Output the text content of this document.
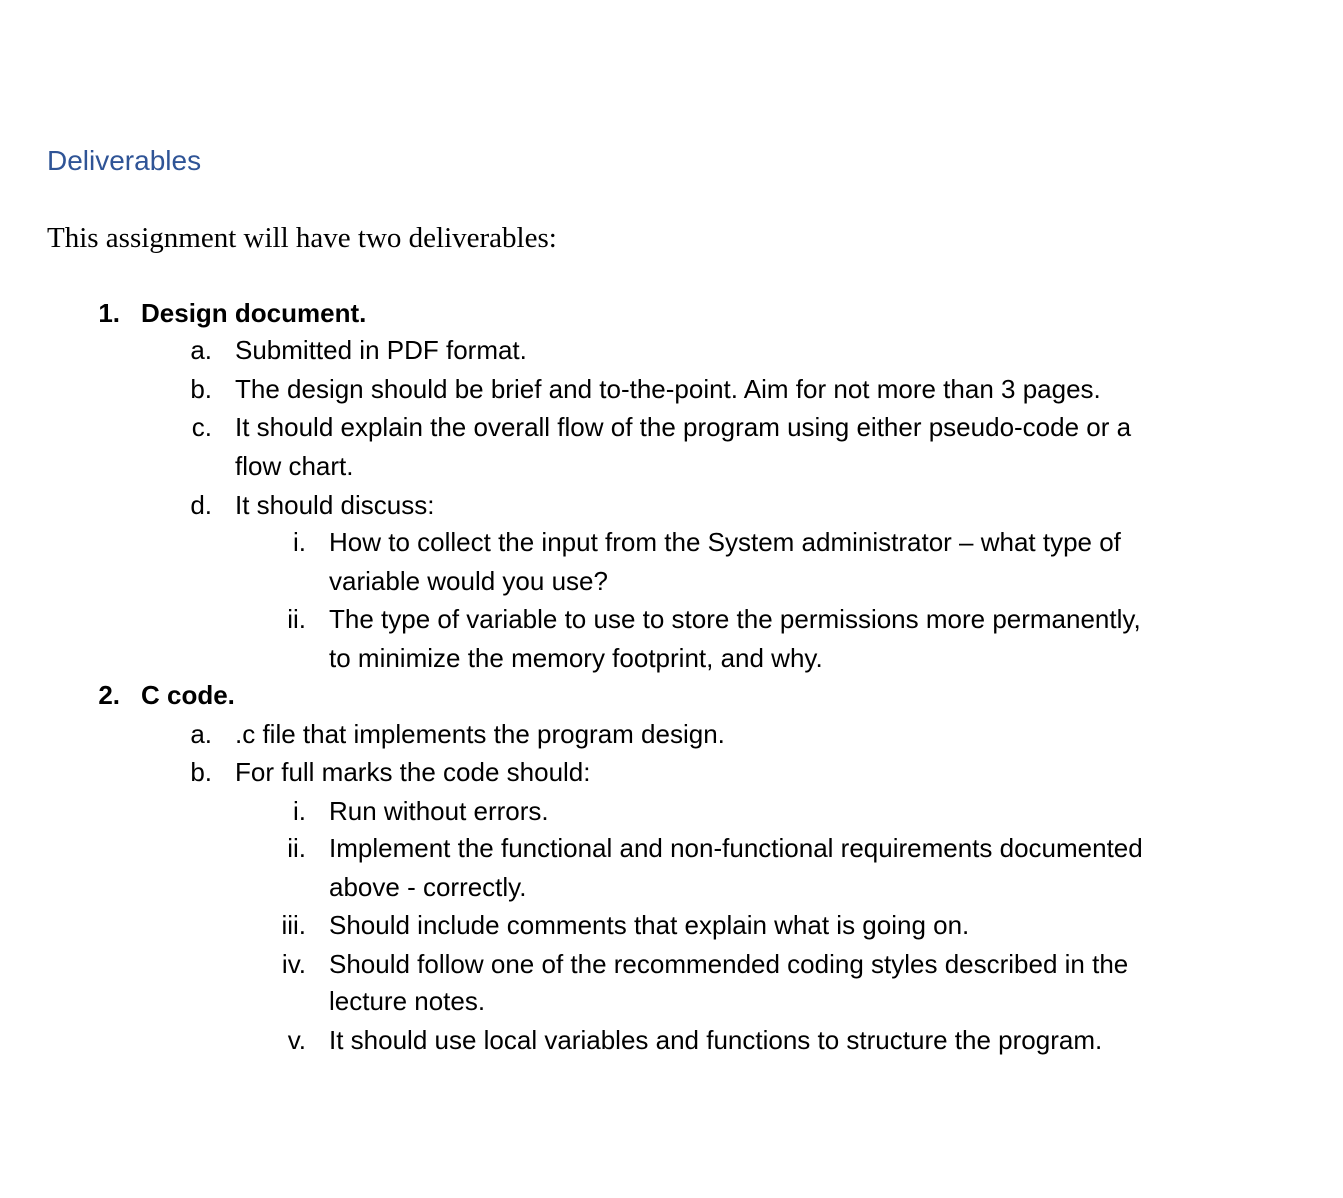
Deliverables

This assignment will have two deliverables:

1. Design document.
a. Submitted in PDF format.
b. The design should be brief and to-the-point. Aim for not more than 3 pages.
c. It should explain the overall flow of the program using either pseudo-code or a
flow chart.
d. It should discuss:
i. How to collect the input from the System administrator – what type of
variable would you use?
ii. The type of variable to use to store the permissions more permanently,
to minimize the memory footprint, and why.
2. C code.
a. .c file that implements the program design.
b. For full marks the code should:
i. Run without errors.
ii. Implement the functional and non-functional requirements documented
above - correctly.
iii. Should include comments that explain what is going on.
iv. Should follow one of the recommended coding styles described in the
lecture notes.
v. It should use local variables and functions to structure the program.
